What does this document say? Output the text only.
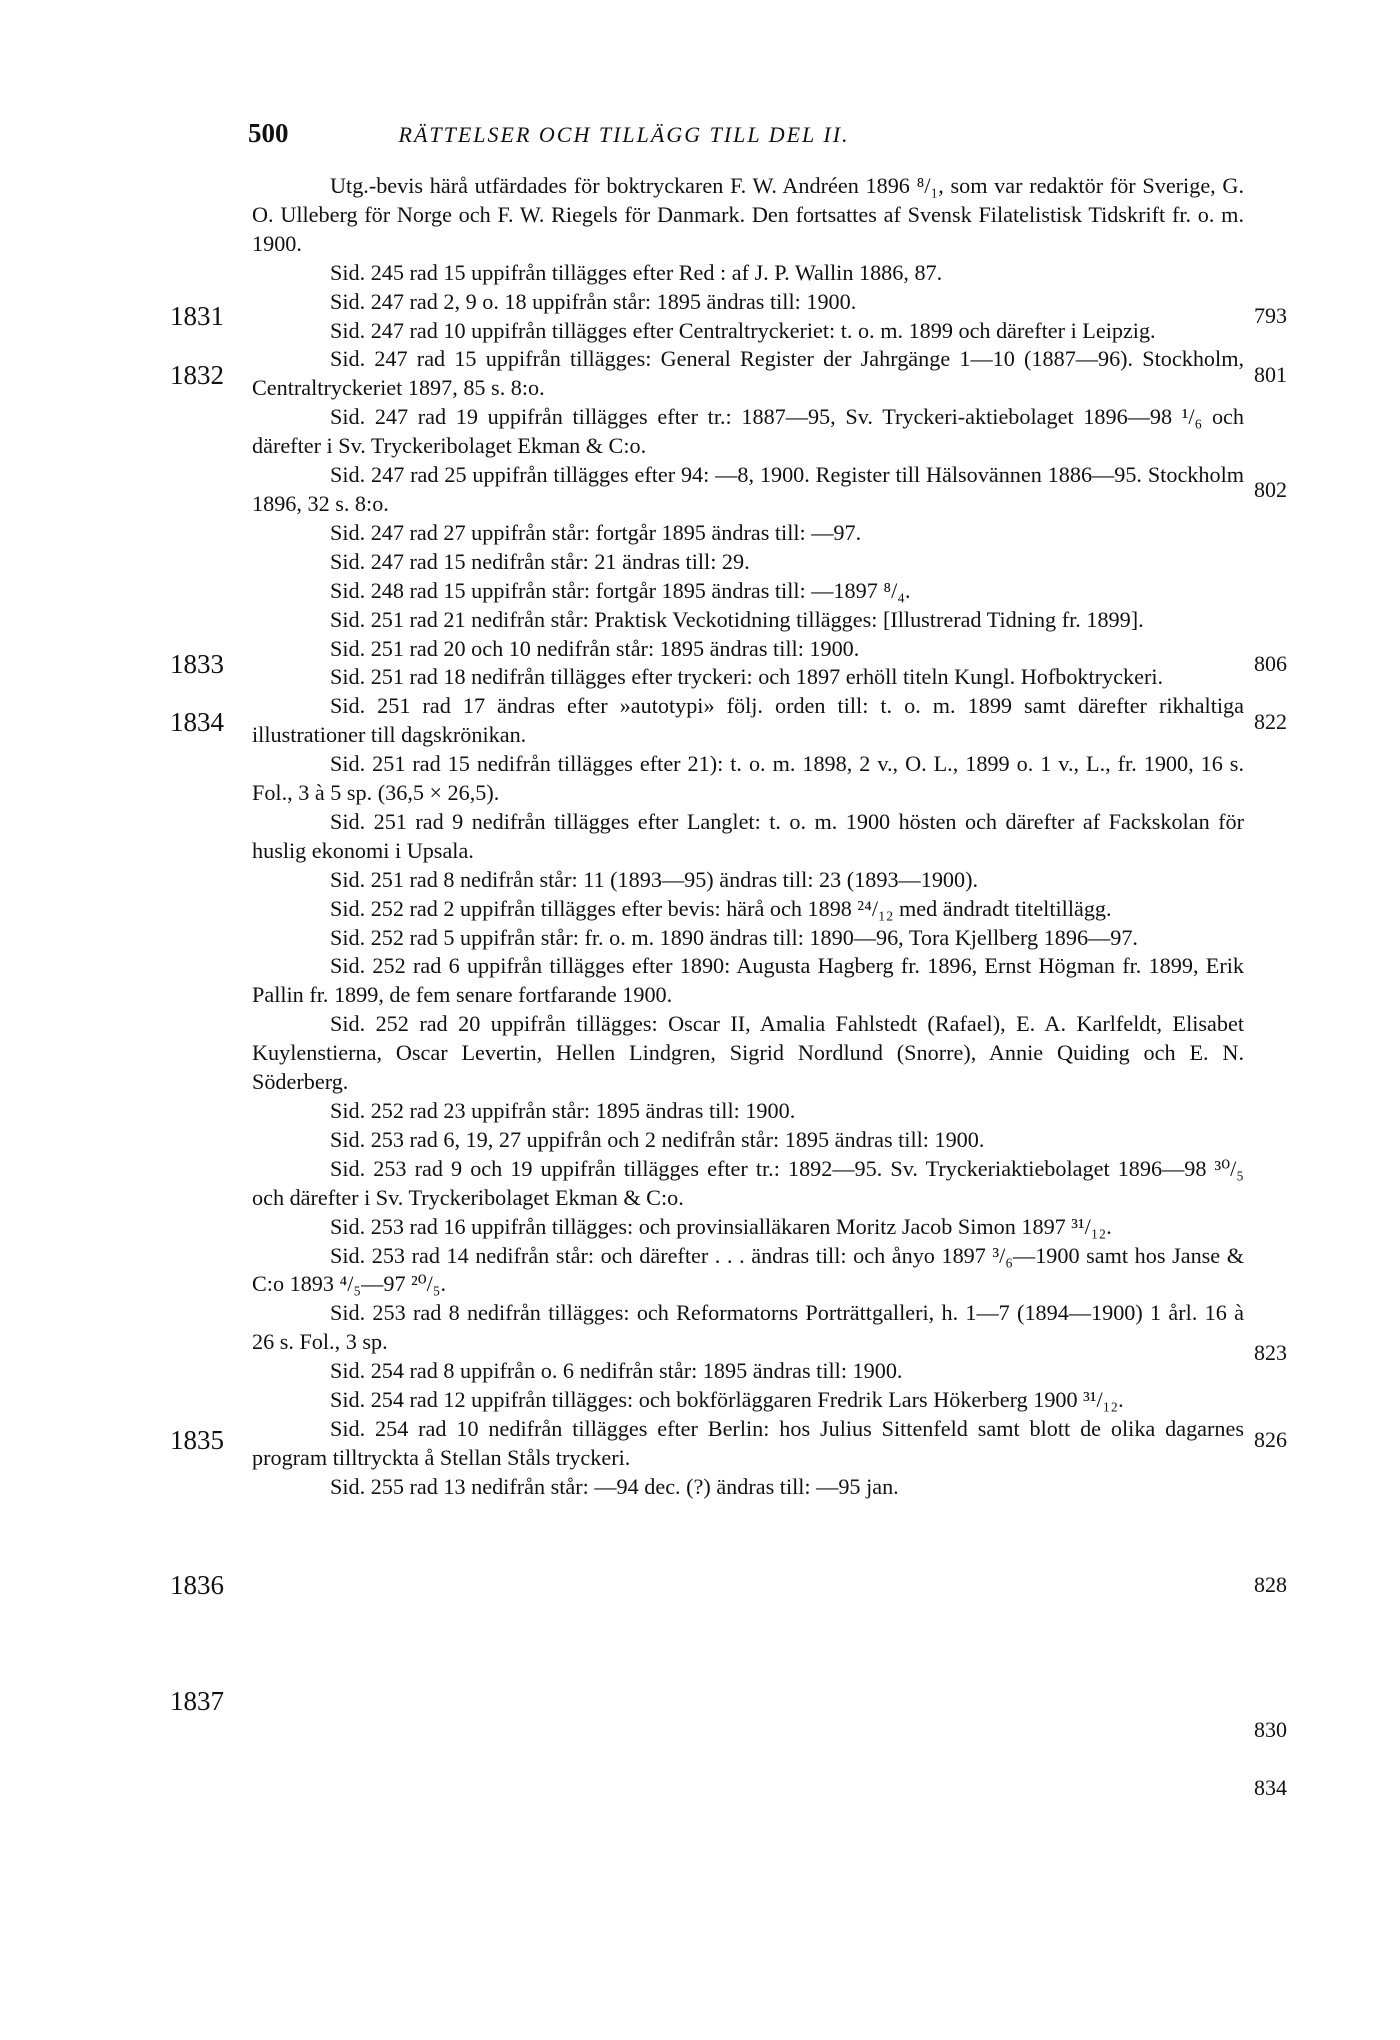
500	RÄTTELSER OCH TILLÄGG TILL DEL II.
1831
1832
1833
1834
1835
1836
1837
793
801
802
806
822
823
826
828
830
834

Utg.-bevis härå utfärdades för boktryckaren F. W. Andréen 1896 ⁸/₁, som var redaktör för Sverige, G. O. Ulleberg för Norge och F. W. Riegels för Danmark. Den fortsattes af Svensk Filatelistisk Tidskrift fr. o. m. 1900.

Sid. 245 rad 15 uppifrån tillägges efter Red : af J. P. Wallin 1886, 87.

Sid. 247 rad 2, 9 o. 18 uppifrån står: 1895 ändras till: 1900.

Sid. 247 rad 10 uppifrån tillägges efter Centraltryckeriet: t. o. m. 1899 och därefter i Leipzig.

Sid. 247 rad 15 uppifrån tillägges: General Register der Jahrgänge 1—10 (1887—96). Stockholm, Centraltryckeriet 1897, 85 s. 8:o.

Sid. 247 rad 19 uppifrån tillägges efter tr.: 1887—95, Sv. Tryckeri-aktiebolaget 1896—98 ¹/₆ och därefter i Sv. Tryckeribolaget Ekman & C:o.

Sid. 247 rad 25 uppifrån tillägges efter 94: —8, 1900. Register till Hälsovännen 1886—95. Stockholm 1896, 32 s. 8:o.

Sid. 247 rad 27 uppifrån står: fortgår 1895 ändras till: —97.

Sid. 247 rad 15 nedifrån står: 21 ändras till: 29.

Sid. 248 rad 15 uppifrån står: fortgår 1895 ändras till: —1897 ⁸/₄.

Sid. 251 rad 21 nedifrån står: Praktisk Veckotidning tillägges: [Illustrerad Tidning fr. 1899].

Sid. 251 rad 20 och 10 nedifrån står: 1895 ändras till: 1900.

Sid. 251 rad 18 nedifrån tillägges efter tryckeri: och 1897 erhöll titeln Kungl. Hofboktryckeri.

Sid. 251 rad 17 ändras efter »autotypi» följ. orden till: t. o. m. 1899 samt därefter rikhaltiga illustrationer till dagskrönikan.

Sid. 251 rad 15 nedifrån tillägges efter 21): t. o. m. 1898, 2 v., O. L., 1899 o. 1 v., L., fr. 1900, 16 s. Fol., 3 à 5 sp. (36,5 × 26,5).

Sid. 251 rad 9 nedifrån tillägges efter Langlet: t. o. m. 1900 hösten och därefter af Fackskolan för huslig ekonomi i Upsala.

Sid. 251 rad 8 nedifrån står: 11 (1893—95) ändras till: 23 (1893—1900).

Sid. 252 rad 2 uppifrån tillägges efter bevis: härå och 1898 ²⁴/₁₂ med ändradt titeltillägg.

Sid. 252 rad 5 uppifrån står: fr. o. m. 1890 ändras till: 1890—96, Tora Kjellberg 1896—97.

Sid. 252 rad 6 uppifrån tillägges efter 1890: Augusta Hagberg fr. 1896, Ernst Högman fr. 1899, Erik Pallin fr. 1899, de fem senare fortfarande 1900.

Sid. 252 rad 20 uppifrån tillägges: Oscar II, Amalia Fahlstedt (Rafael), E. A. Karlfeldt, Elisabet Kuylenstierna, Oscar Levertin, Hellen Lindgren, Sigrid Nordlund (Snorre), Annie Quiding och E. N. Söderberg.

Sid. 252 rad 23 uppifrån står: 1895 ändras till: 1900.

Sid. 253 rad 6, 19, 27 uppifrån och 2 nedifrån står: 1895 ändras till: 1900.

Sid. 253 rad 9 och 19 uppifrån tillägges efter tr.: 1892—95. Sv. Tryckeriaktiebolaget 1896—98 ³⁰/₅ och därefter i Sv. Tryckeribolaget Ekman & C:o.

Sid. 253 rad 16 uppifrån tillägges: och provinsialläkaren Moritz Jacob Simon 1897 ³¹/₁₂.

Sid. 253 rad 14 nedifrån står: och därefter . . . ändras till: och ånyo 1897 ³/₆—1900 samt hos Janse & C:o 1893 ⁴/₅—97 ²⁰/₅.

Sid. 253 rad 8 nedifrån tillägges: och Reformatorns Porträttgalleri, h. 1—7 (1894—1900) 1 årl. 16 à 26 s. Fol., 3 sp.

Sid. 254 rad 8 uppifrån o. 6 nedifrån står: 1895 ändras till: 1900.

Sid. 254 rad 12 uppifrån tillägges: och bokförläggaren Fredrik Lars Hökerberg 1900 ³¹/₁₂.

Sid. 254 rad 10 nedifrån tillägges efter Berlin: hos Julius Sittenfeld samt blott de olika dagarnes program tilltryckta å Stellan Ståls tryckeri.

Sid. 255 rad 13 nedifrån står: —94 dec. (?) ändras till: —95 jan.
